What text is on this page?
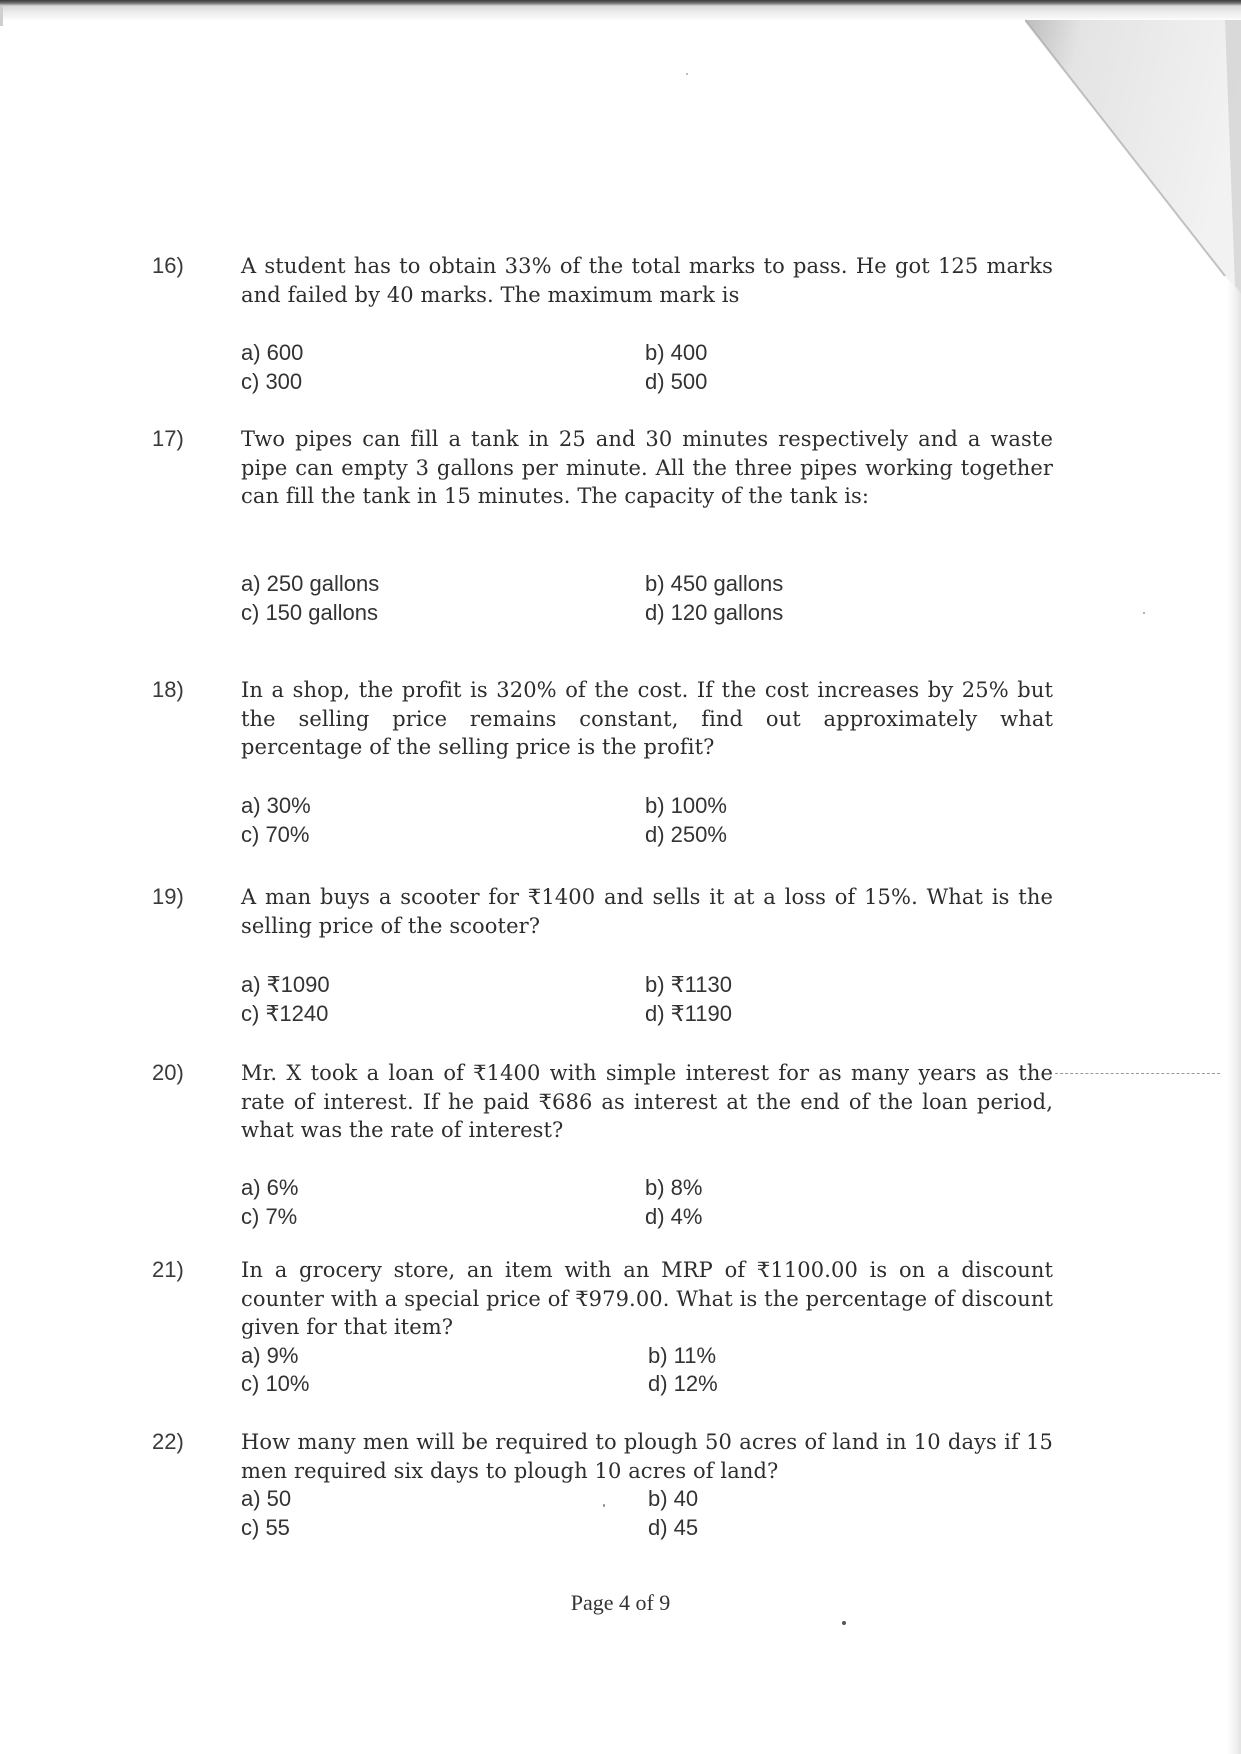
16)	A student has to obtain 33% of the total marks to pass. He got 125 marks and failed by 40 marks. The maximum mark is
a) 600	b) 400
c) 300	d) 500
17)	Two pipes can fill a tank in 25 and 30 minutes respectively and a waste pipe can empty 3 gallons per minute. All the three pipes working together can fill the tank in 15 minutes. The capacity of the tank is:
a) 250 gallons	b) 450 gallons
c) 150 gallons	d) 120 gallons
18)	In a shop, the profit is 320% of the cost. If the cost increases by 25% but the selling price remains constant, find out approximately what percentage of the selling price is the profit?
a) 30%	b) 100%
c) 70%	d) 250%
19)	A man buys a scooter for ₹1400 and sells it at a loss of 15%. What is the selling price of the scooter?
a) ₹1090	b) ₹1130
c) ₹1240	d) ₹1190
20)	Mr. X took a loan of ₹1400 with simple interest for as many years as the rate of interest. If he paid ₹686 as interest at the end of the loan period, what was the rate of interest?
a) 6%	b) 8%
c) 7%	d) 4%
21)	In a grocery store, an item with an MRP of ₹1100.00 is on a discount counter with a special price of ₹979.00. What is the percentage of discount given for that item?
a) 9%	b) 11%
c) 10%	d) 12%
22)	How many men will be required to plough 50 acres of land in 10 days if 15 men required six days to plough 10 acres of land?
a) 50	b) 40
c) 55	d) 45
Page 4 of 9
